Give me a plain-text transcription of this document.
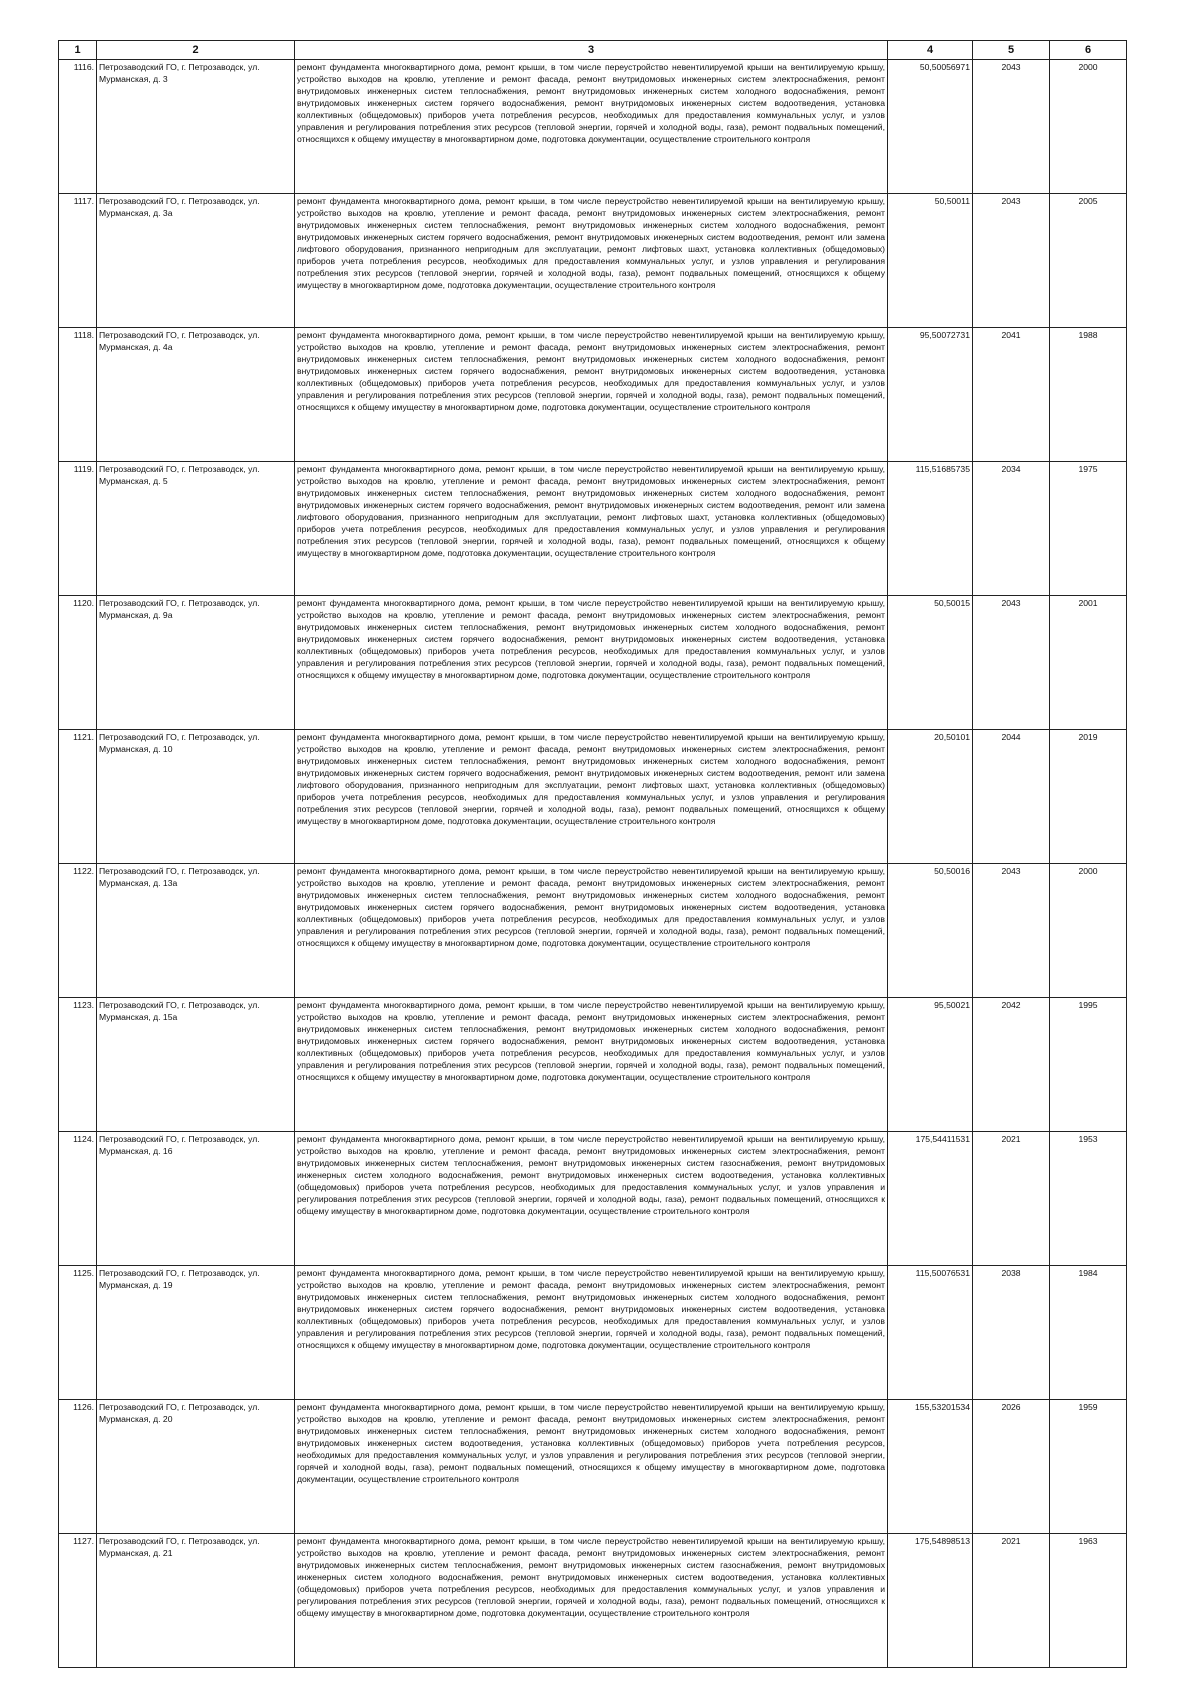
1	2	3	4	5	6
1116.	Петрозаводский ГО, г. Петрозаводск, ул. Мурманская, д. 3	ремонт фундамента многоквартирного дома, ремонт крыши, в том числе переустройство невентилируемой крыши на вентилируемую крышу, устройство выходов на кровлю, утепление и ремонт фасада, ремонт внутридомовых инженерных систем электроснабжения, ремонт внутридомовых инженерных систем теплоснабжения, ремонт внутридомовых инженерных систем холодного водоснабжения, ремонт внутридомовых инженерных систем горячего водоснабжения, ремонт внутридомовых инженерных систем водоотведения, установка коллективных (общедомовых) приборов учета потребления ресурсов, необходимых для предоставления коммунальных услуг, и узлов управления и регулирования потребления этих ресурсов (тепловой энергии, горячей и холодной воды, газа), ремонт подвальных помещений, относящихся к общему имуществу в многоквартирном доме, подготовка документации, осуществление строительного контроля	50,50056971	2043	2000
1117.	Петрозаводский ГО, г. Петрозаводск, ул. Мурманская, д. 3а	ремонт фундамента многоквартирного дома, ремонт крыши, в том числе переустройство невентилируемой крыши на вентилируемую крышу, устройство выходов на кровлю, утепление и ремонт фасада, ремонт внутридомовых инженерных систем электроснабжения, ремонт внутридомовых инженерных систем теплоснабжения, ремонт внутридомовых инженерных систем холодного водоснабжения, ремонт внутридомовых инженерных систем горячего водоснабжения, ремонт внутридомовых инженерных систем водоотведения, ремонт или замена лифтового оборудования, признанного непригодным для эксплуатации, ремонт лифтовых шахт, установка коллективных (общедомовых) приборов учета потребления ресурсов, необходимых для предоставления коммунальных услуг, и узлов управления и регулирования потребления этих ресурсов (тепловой энергии, горячей и холодной воды, газа), ремонт подвальных помещений, относящихся к общему имуществу в многоквартирном доме, подготовка документации, осуществление строительного контроля	50,50011	2043	2005
1118.	Петрозаводский ГО, г. Петрозаводск, ул. Мурманская, д. 4а	ремонт фундамента многоквартирного дома, ремонт крыши, в том числе переустройство невентилируемой крыши на вентилируемую крышу, устройство выходов на кровлю, утепление и ремонт фасада, ремонт внутридомовых инженерных систем электроснабжения, ремонт внутридомовых инженерных систем теплоснабжения, ремонт внутридомовых инженерных систем холодного водоснабжения, ремонт внутридомовых инженерных систем горячего водоснабжения, ремонт внутридомовых инженерных систем водоотведения, установка коллективных (общедомовых) приборов учета потребления ресурсов, необходимых для предоставления коммунальных услуг, и узлов управления и регулирования потребления этих ресурсов (тепловой энергии, горячей и холодной воды, газа), ремонт подвальных помещений, относящихся к общему имуществу в многоквартирном доме, подготовка документации, осуществление строительного контроля	95,50072731	2041	1988
1119.	Петрозаводский ГО, г. Петрозаводск, ул. Мурманская, д. 5	ремонт фундамента многоквартирного дома, ремонт крыши, в том числе переустройство невентилируемой крыши на вентилируемую крышу, устройство выходов на кровлю, утепление и ремонт фасада, ремонт внутридомовых инженерных систем электроснабжения, ремонт внутридомовых инженерных систем теплоснабжения, ремонт внутридомовых инженерных систем холодного водоснабжения, ремонт внутридомовых инженерных систем горячего водоснабжения, ремонт внутридомовых инженерных систем водоотведения, ремонт или замена лифтового оборудования, признанного непригодным для эксплуатации, ремонт лифтовых шахт, установка коллективных (общедомовых) приборов учета потребления ресурсов, необходимых для предоставления коммунальных услуг, и узлов управления и регулирования потребления этих ресурсов (тепловой энергии, горячей и холодной воды, газа), ремонт подвальных помещений, относящихся к общему имуществу в многоквартирном доме, подготовка документации, осуществление строительного контроля	115,51685735	2034	1975
1120.	Петрозаводский ГО, г. Петрозаводск, ул. Мурманская, д. 9а	ремонт фундамента многоквартирного дома, ремонт крыши, в том числе переустройство невентилируемой крыши на вентилируемую крышу, устройство выходов на кровлю, утепление и ремонт фасада, ремонт внутридомовых инженерных систем электроснабжения, ремонт внутридомовых инженерных систем теплоснабжения, ремонт внутридомовых инженерных систем холодного водоснабжения, ремонт внутридомовых инженерных систем горячего водоснабжения, ремонт внутридомовых инженерных систем водоотведения, установка коллективных (общедомовых) приборов учета потребления ресурсов, необходимых для предоставления коммунальных услуг, и узлов управления и регулирования потребления этих ресурсов (тепловой энергии, горячей и холодной воды, газа), ремонт подвальных помещений, относящихся к общему имуществу в многоквартирном доме, подготовка документации, осуществление строительного контроля	50,50015	2043	2001
1121.	Петрозаводский ГО, г. Петрозаводск, ул. Мурманская, д. 10	ремонт фундамента многоквартирного дома, ремонт крыши, в том числе переустройство невентилируемой крыши на вентилируемую крышу, устройство выходов на кровлю, утепление и ремонт фасада, ремонт внутридомовых инженерных систем электроснабжения, ремонт внутридомовых инженерных систем теплоснабжения, ремонт внутридомовых инженерных систем холодного водоснабжения, ремонт внутридомовых инженерных систем горячего водоснабжения, ремонт внутридомовых инженерных систем водоотведения, ремонт или замена лифтового оборудования, признанного непригодным для эксплуатации, ремонт лифтовых шахт, установка коллективных (общедомовых) приборов учета потребления ресурсов, необходимых для предоставления коммунальных услуг, и узлов управления и регулирования потребления этих ресурсов (тепловой энергии, горячей и холодной воды, газа), ремонт подвальных помещений, относящихся к общему имуществу в многоквартирном доме, подготовка документации, осуществление строительного контроля	20,50101	2044	2019
1122.	Петрозаводский ГО, г. Петрозаводск, ул. Мурманская, д. 13а	ремонт фундамента многоквартирного дома, ремонт крыши, в том числе переустройство невентилируемой крыши на вентилируемую крышу, устройство выходов на кровлю, утепление и ремонт фасада, ремонт внутридомовых инженерных систем электроснабжения, ремонт внутридомовых инженерных систем теплоснабжения, ремонт внутридомовых инженерных систем холодного водоснабжения, ремонт внутридомовых инженерных систем горячего водоснабжения, ремонт внутридомовых инженерных систем водоотведения, установка коллективных (общедомовых) приборов учета потребления ресурсов, необходимых для предоставления коммунальных услуг, и узлов управления и регулирования потребления этих ресурсов (тепловой энергии, горячей и холодной воды, газа), ремонт подвальных помещений, относящихся к общему имуществу в многоквартирном доме, подготовка документации, осуществление строительного контроля	50,50016	2043	2000
1123.	Петрозаводский ГО, г. Петрозаводск, ул. Мурманская, д. 15а	ремонт фундамента многоквартирного дома, ремонт крыши, в том числе переустройство невентилируемой крыши на вентилируемую крышу, устройство выходов на кровлю, утепление и ремонт фасада, ремонт внутридомовых инженерных систем электроснабжения, ремонт внутридомовых инженерных систем теплоснабжения, ремонт внутридомовых инженерных систем холодного водоснабжения, ремонт внутридомовых инженерных систем горячего водоснабжения, ремонт внутридомовых инженерных систем водоотведения, установка коллективных (общедомовых) приборов учета потребления ресурсов, необходимых для предоставления коммунальных услуг, и узлов управления и регулирования потребления этих ресурсов (тепловой энергии, горячей и холодной воды, газа), ремонт подвальных помещений, относящихся к общему имуществу в многоквартирном доме, подготовка документации, осуществление строительного контроля	95,50021	2042	1995
1124.	Петрозаводский ГО, г. Петрозаводск, ул. Мурманская, д. 16	ремонт фундамента многоквартирного дома, ремонт крыши, в том числе переустройство невентилируемой крыши на вентилируемую крышу, устройство выходов на кровлю, утепление и ремонт фасада, ремонт внутридомовых инженерных систем электроснабжения, ремонт внутридомовых инженерных систем теплоснабжения, ремонт внутридомовых инженерных систем газоснабжения, ремонт внутридомовых инженерных систем холодного водоснабжения, ремонт внутридомовых инженерных систем водоотведения, установка коллективных (общедомовых) приборов учета потребления ресурсов, необходимых для предоставления коммунальных услуг, и узлов управления и регулирования потребления этих ресурсов (тепловой энергии, горячей и холодной воды, газа), ремонт подвальных помещений, относящихся к общему имуществу в многоквартирном доме, подготовка документации, осуществление строительного контроля	175,54411531	2021	1953
1125.	Петрозаводский ГО, г. Петрозаводск, ул. Мурманская, д. 19	ремонт фундамента многоквартирного дома, ремонт крыши, в том числе переустройство невентилируемой крыши на вентилируемую крышу, устройство выходов на кровлю, утепление и ремонт фасада, ремонт внутридомовых инженерных систем электроснабжения, ремонт внутридомовых инженерных систем теплоснабжения, ремонт внутридомовых инженерных систем холодного водоснабжения, ремонт внутридомовых инженерных систем горячего водоснабжения, ремонт внутридомовых инженерных систем водоотведения, установка коллективных (общедомовых) приборов учета потребления ресурсов, необходимых для предоставления коммунальных услуг, и узлов управления и регулирования потребления этих ресурсов (тепловой энергии, горячей и холодной воды, газа), ремонт подвальных помещений, относящихся к общему имуществу в многоквартирном доме, подготовка документации, осуществление строительного контроля	115,50076531	2038	1984
1126.	Петрозаводский ГО, г. Петрозаводск, ул. Мурманская, д. 20	ремонт фундамента многоквартирного дома, ремонт крыши, в том числе переустройство невентилируемой крыши на вентилируемую крышу, устройство выходов на кровлю, утепление и ремонт фасада, ремонт внутридомовых инженерных систем электроснабжения, ремонт внутридомовых инженерных систем теплоснабжения, ремонт внутридомовых инженерных систем холодного водоснабжения, ремонт внутридомовых инженерных систем водоотведения, установка коллективных (общедомовых) приборов учета потребления ресурсов, необходимых для предоставления коммунальных услуг, и узлов управления и регулирования потребления этих ресурсов (тепловой энергии, горячей и холодной воды, газа), ремонт подвальных помещений, относящихся к общему имуществу в многоквартирном доме, подготовка документации, осуществление строительного контроля	155,53201534	2026	1959
1127.	Петрозаводский ГО, г. Петрозаводск, ул. Мурманская, д. 21	ремонт фундамента многоквартирного дома, ремонт крыши, в том числе переустройство невентилируемой крыши на вентилируемую крышу, устройство выходов на кровлю, утепление и ремонт фасада, ремонт внутридомовых инженерных систем электроснабжения, ремонт внутридомовых инженерных систем теплоснабжения, ремонт внутридомовых инженерных систем газоснабжения, ремонт внутридомовых инженерных систем холодного водоснабжения, ремонт внутридомовых инженерных систем водоотведения, установка коллективных (общедомовых) приборов учета потребления ресурсов, необходимых для предоставления коммунальных услуг, и узлов управления и регулирования потребления этих ресурсов (тепловой энергии, горячей и холодной воды, газа), ремонт подвальных помещений, относящихся к общему имуществу в многоквартирном доме, подготовка документации, осуществление строительного контроля	175,54898513	2021	1963
